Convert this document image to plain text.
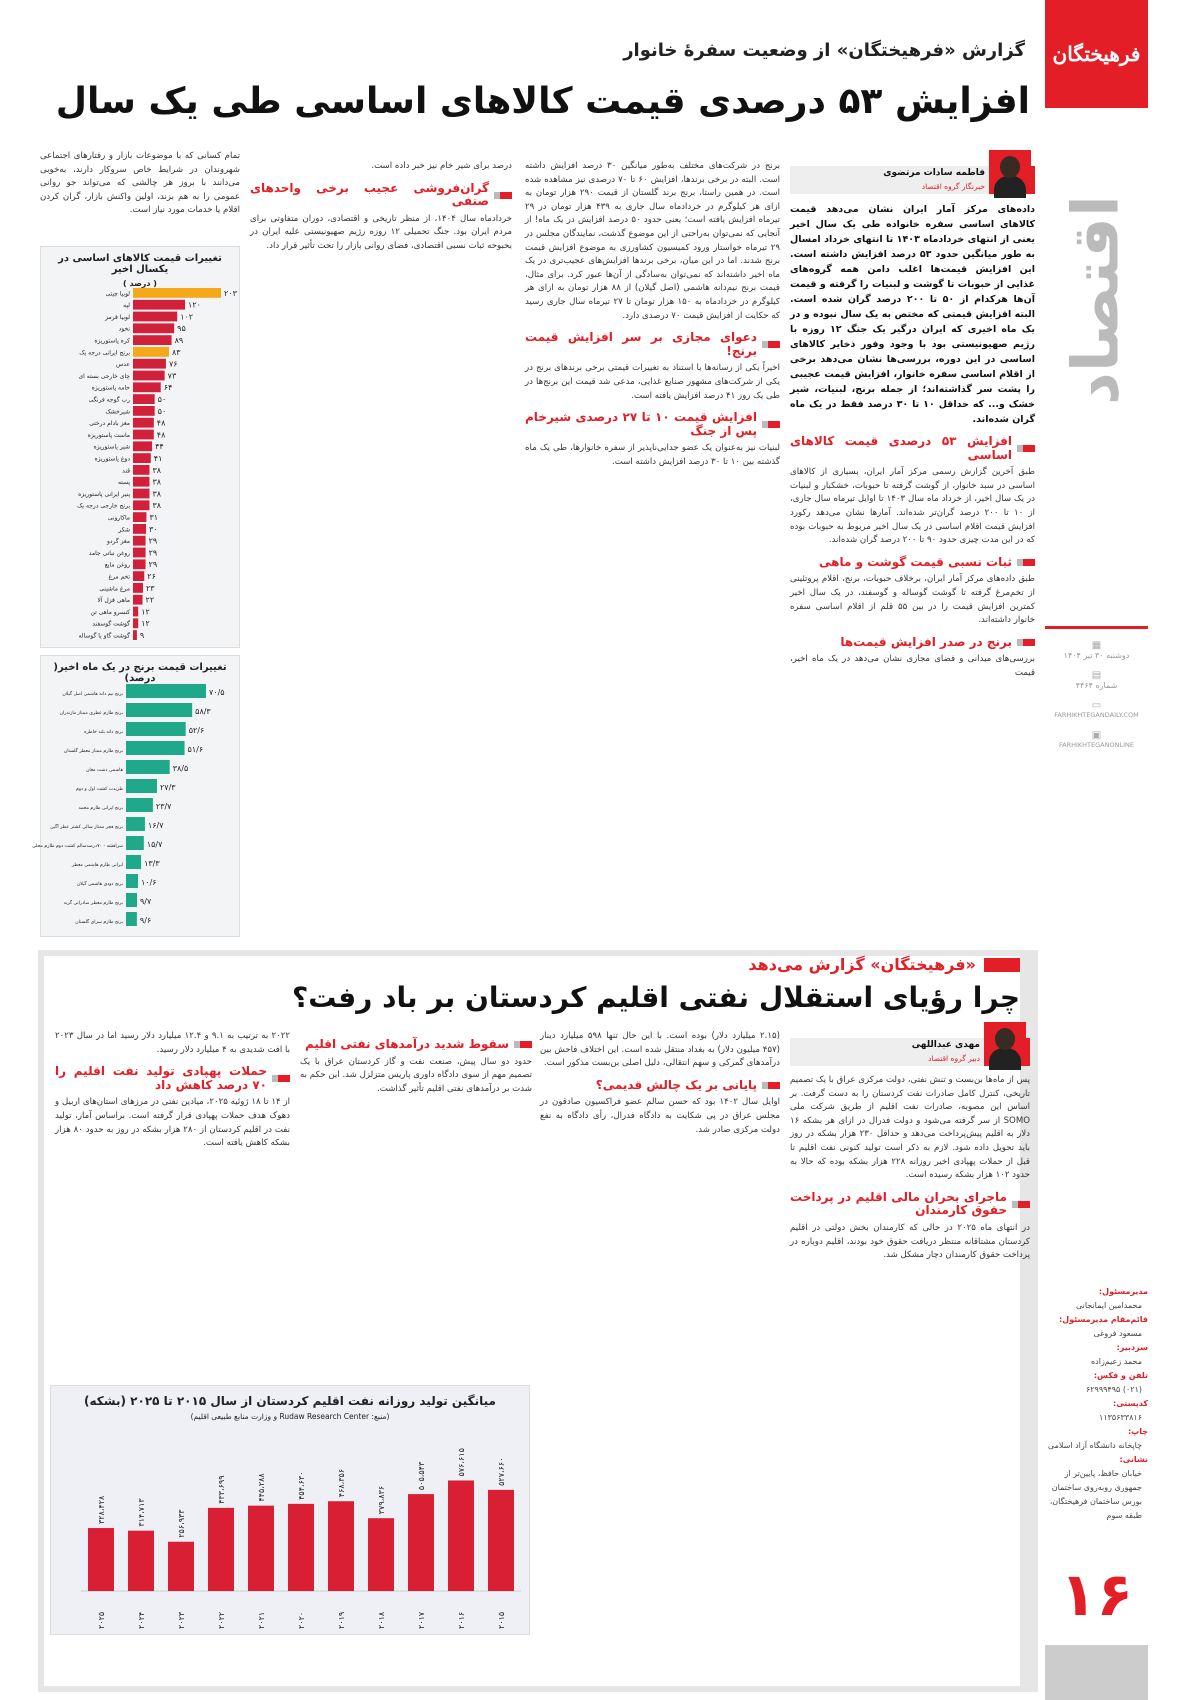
فرهیختگان
اقتصاد
▦
دوشنبه ۳۰ تیر ۱۴۰۴
▤
شماره ۴۴۶۴
▭
FARHIKHTEGANDAILY.COM
▣
FARHIKHTEGANONLINE
مدیرمسئول:
محمدامین ایمانجانی
قائم‌مقام مدیرمسئول:
مسعود فروغی
سردبیر:
محمد زعیم‌زاده
تلفن و فکس:
(۰۲۱) ۶۲۹۹۹۴۹۵
کدپستی:
۱۱۳۵۶۳۳۸۱۶
چاپ:
چاپخانه دانشگاه آزاد اسلامی
نشانی:
خیابان حافظ، پایین‌تر از جمهوری روبه‌روی ساختمان بورس ساختمان فرهیختگان، طبقه سوم
۱۶
گزارش «فرهیختگان» از وضعیت سفرهٔ خانوار
افزایش ۵۳ درصدی قیمت کالاهای اساسی طی یک سال
فاطمه سادات مرتضوی
خبرنگار گروه اقتصاد

داده‌های مرکز آمار ایران نشان می‌دهد قیمت کالاهای اساسی سفره خانواده طی یک سال اخیر یعنی از انتهای خردادماه ۱۴۰۳ تا انتهای خرداد امسال به طور میانگین حدود ۵۳ درصد افزایش داشته است. این افزایش قیمت‌ها اغلب دامن همه گروه‌های غذایی از حبوبات تا گوشت و لبنیات را گرفته و قیمت آن‌ها هرکدام از ۵۰ تا ۲۰۰ درصد گران شده است. البته افزایش قیمتی که مختص به یک سال نبوده و در یک ماه اخیری که ایران درگیر یک جنگ ۱۲ روزه با رژیم صهیونیستی بود با وجود وفور ذخایر کالاهای اساسی در این دوره، بررسی‌ها نشان می‌دهد برخی از اقلام اساسی سفره خانوار، افزایش قیمت عجیبی را پشت سر گذاشته‌اند؛ از جمله برنج، لبنیات، شیر خشک و... که حداقل ۱۰ تا ۳۰ درصد فقط در یک ماه گران شده‌اند.

افزایش ۵۳ درصدی قیمت کالاهای اساسی

طبق آخرین گزارش رسمی مرکز آمار ایران، بسیاری از کالاهای اساسی در سبد خانوار، از گوشت گرفته تا حبوبات، خشکبار و لبنیات در یک سال اخیر، از خرداد ماه سال ۱۴۰۳ تا اوایل تیرماه سال جاری، از ۱۰ تا ۲۰۰ درصد گران‌تر شده‌اند. آمارها نشان می‌دهد رکورد افزایش قیمت اقلام اساسی در یک سال اخیر مربوط به حبوبات بوده که در این مدت چیزی حدود ۹۰ تا ۲۰۰ درصد گران شده‌اند.

ثبات نسبی قیمت گوشت و ماهی

طبق داده‌های مرکز آمار ایران، برخلاف حبوبات، برنج، اقلام پروتئینی از تخم‌مرغ گرفته تا گوشت گوساله و گوسفند، در یک سال اخیر کمترین افزایش قیمت را در بین ۵۵ قلم از اقلام اساسی سفره خانوار داشته‌اند.

برنج در صدر افزایش قیمت‌ها

بررسی‌های میدانی و فضای مجازی نشان می‌دهد در یک ماه اخیر، قیمت

برنج در شرکت‌های مختلف به‌طور میانگین ۳۰ درصد افزایش داشته است. البته در برخی برندها، افزایش ۶۰ تا ۷۰ درصدی نیز مشاهده شده است. در همین راستا، برنج برند گلستان از قیمت ۲۹۰ هزار تومان به ازای هر کیلوگرم در خردادماه سال جاری به ۴۳۹ هزار تومان در ۲۹ تیرماه افزایش یافته است؛ یعنی حدود ۵۰ درصد افزایش در یک ماه! از آنجایی که نمی‌توان به‌راحتی از این موضوع گذشت، نمایندگان مجلس در ۲۹ تیرماه خواستار ورود کمیسیون کشاورزی به موضوع افزایش قیمت برنج شدند. اما در این میان، برخی برندها افزایش‌های عجیب‌تری در یک ماه اخیر داشته‌اند که نمی‌توان به‌سادگی از آن‌ها عبور کرد. برای مثال، قیمت برنج نیم‌دانه هاشمی (اصل گیلان) از ۸۸ هزار تومان به ازای هر کیلوگرم در خردادماه به ۱۵۰ هزار تومان تا ۲۷ تیرماه سال جاری رسید که حکایت از افزایش قیمت ۷۰ درصدی دارد.

دعوای مجازی بر سر افزایش قیمت برنج!

اخیراً یکی از رسانه‌ها با استناد به تغییرات قیمتی برخی برندهای برنج در یکی از شرکت‌های مشهور صنایع غذایی، مدعی شد قیمت این برنج‌ها در طی یک روز ۴۱ درصد افزایش یافته است.

افزایش قیمت ۱۰ تا ۲۷ درصدی شیرخام پس از جنگ

لبنیات نیز به‌عنوان یک عضو جدایی‌ناپذیر از سفره خانوارها، طی یک ماه گذشته بین ۱۰ تا ۳۰ درصد افزایش داشته است.

درصد برای شیر خام نیز خبر داده است.

گران‌فروشی عجیب برخی واحدهای صنفی

خردادماه سال ۱۴۰۴، از منظر تاریخی و اقتصادی، دوران متفاوتی برای مردم ایران بود. جنگ تحمیلی ۱۲ روزه رژیم صهیونیستی علیه ایران در بحبوحه ثبات نسبی اقتصادی، فضای روانی بازار را تحت تأثیر قرار داد.

تمام کسانی که با موضوعات بازار و رفتارهای اجتماعی شهروندان در شرایط خاص سروکار دارند، به‌خوبی می‌دانند با بروز هر چالشی که می‌تواند جو روانی عمومی را به هم بزند، اولین واکنش بازار، گران کردن اقلام یا خدمات مورد نیاز است.

تغییرات قیمت کالاهای اساسی در یکسال اخیر
( درصد )
لوبیا چیتی	۲۰۳
لپه	۱۲۰
لوبیا قرمز	۱۰۲
نخود	۹۵
کره پاستوریزه	۸۹
برنج ایرانی درجه یک	۸۳
عدس	۷۶
چای خارجی بسته ای	۷۳
خامه پاستوریزه	۶۴
رب گوجه فرنگی	۵۰
شیرخشک	۵۰
مغز بادام درختی	۴۸
ماست پاستوریزه	۴۸
شیر پاستوریزه	۴۴
دوغ پاستوریزه	۴۱
قند	۳۸
پسته	۳۸
پنیر ایرانی پاستوریزه	۳۸
برنج خارجی درجه یک	۳۸
ماکارونی ۳۱
شکر ۳۰
مغز گردو ۲۹
روغن نباتی جامد ۲۹
روغن مایع ۲۹
تخم مرغ ۲۶
مرغ ماشینی ۲۳
ماهی قزل آلا ۲۲
کنسرو ماهی تن ۱۲
گوشت گوسفند ۱۲
گوشت گاو یا گوساله ۹
تغییرات قیمت برنج در یک ماه اخیر( درصد)
برنج نیم دانه هاشمی اصل گیلان	۷۰/۵
برنج طارم عطری ممتاز مازندران	۵۸/۳
برنج دانه بلند خاطره	۵۲/۶
برنج طارم ممتاز معطر گلستان	۵۱/۶
هاشمی دشت مغان	۳۸/۵
طریدت کشت اول و دوم	۲۷/۳
برنج ایرانی طارم محمد	۲۳/۷
برنج فجر ممتاز شالی کشتر عطر آگین	۱۶/۷
سرافشه - ۷۰درصدسالم کشت دوم طارم محلی	۱۵/۷
ایرانی طارم هاشمی معطر	۱۳/۳
برنج دودی هاشمی گیلان ۱۰/۶
برنج طارم معطر صادراتی گرید ۹/۷
برنج طارم سرای گلستان ۹/۶
«فرهیختگان» گزارش می‌دهد
چرا رؤیای استقلال نفتی اقلیم کردستان بر باد رفت؟
مهدی عبداللهی
دبیر گروه اقتصاد

پس از ماه‌ها بن‌بست و تنش نفتی، دولت مرکزی عراق با یک تصمیم تاریخی، کنترل کامل صادرات نفت کردستان را به دست گرفت. بر اساس این مصوبه، صادرات نفت اقلیم از طریق شرکت ملی SOMO از سر گرفته می‌شود و دولت فدرال در ازای هر بشکه ۱۶ دلار به اقلیم پیش‌پرداخت می‌دهد و حداقل ۲۳۰ هزار بشکه در روز باید تحویل داده شود. لازم به ذکر است تولید کنونی نفت اقلیم تا قبل از حملات پهپادی اخیر روزانه ۲۲۸ هزار بشکه بوده که حالا به حدود ۱۰۲ هزار بشکه رسیده است.

ماجرای بحران مالی اقلیم در پرداخت حقوق کارمندان

در انتهای ماه ۲۰۲۵ در حالی که کارمندان بخش دولتی در اقلیم کردستان مشتاقانه منتظر دریافت حقوق خود بودند، اقلیم دوباره در پرداخت حقوق کارمندان دچار مشکل شد.

(۲.۱۵ میلیارد دلار) بوده است. با این حال تنها ۵۹۸ میلیارد دینار (۴۵۷ میلیون دلار) به بغداد منتقل شده است. این اختلاف فاحش بین درآمدهای گمرکی و سهم انتقالی، دلیل اصلی بن‌بست مذکور است.

پایانی بر یک چالش قدیمی؟

اوایل سال ۱۴۰۲ بود که حسن سالم عضو فراکسیون صادقون در مجلس عراق در پی شکایت به دادگاه فدرال، رأی دادگاه به نفع دولت مرکزی صادر شد.

سقوط شدید درآمدهای نفتی اقلیم

حدود دو سال پیش، صنعت نفت و گاز کردستان عراق با یک تصمیم مهم از سوی دادگاه داوری پاریس متزلزل شد. این حکم به شدت بر درآمدهای نفتی اقلیم تأثیر گذاشت.

۲۰۲۲ به ترتیب به ۹.۱ و ۱۲.۴ میلیارد دلار رسید اما در سال ۲۰۲۳ با افت شدیدی به ۴ میلیارد دلار رسید.

حملات پهپادی تولید نفت اقلیم را ۷۰ درصد کاهش داد

از ۱۴ تا ۱۸ ژوئیه ۲۰۲۵، میادین نفتی در مرزهای استان‌های اربیل و دهوک هدف حملات پهپادی قرار گرفته است. براساس آمار، تولید نفت در اقلیم کردستان از ۲۸۰ هزار بشکه در روز به حدود ۸۰ هزار بشکه کاهش یافته است.

میانگین تولید روزانه نفت اقلیم کردستان از سال ۲۰۱۵ تا ۲۰۲۵ (بشکه)
(منبع: Rudaw Research Center و وزارت منابع طبیعی اقلیم)
۵۲۷،۶۶۰
۲۰۱۵
۵۷۶،۶۱۵
۲۰۱۶
۵۰۵،۵۴۳
۲۰۱۷
۳۷۹،۸۳۶
۲۰۱۸
۴۶۸،۳۵۶
۲۰۱۹
۴۵۴،۶۳۰
۲۰۲۰
۴۴۵،۲۸۸
۲۰۲۱
۴۳۳،۶۹۹
۲۰۲۲
۲۵۶،۹۳۳
۲۰۲۳
۳۱۴،۷۱۳
۲۰۲۴
۳۲۸،۴۲۸
۲۰۲۵
